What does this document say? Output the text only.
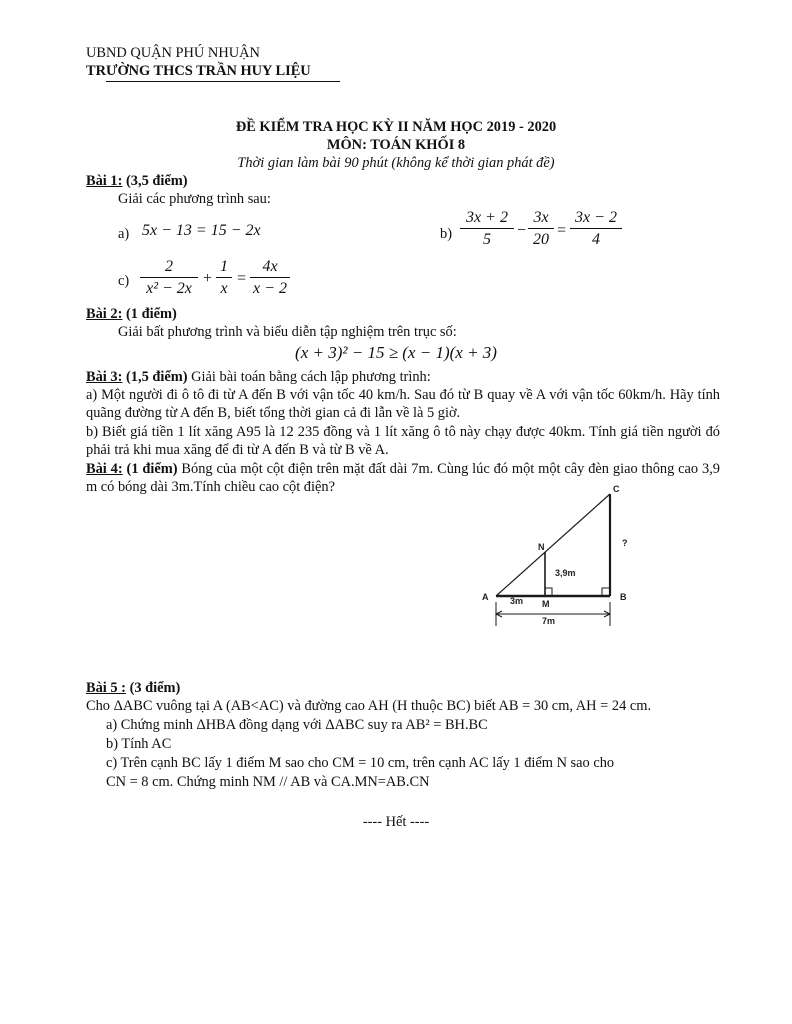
UBND QUẬN PHÚ NHUẬN
TRƯỜNG THCS TRẦN HUY LIỆU
ĐỀ KIỂM TRA HỌC KỲ II NĂM HỌC 2019 - 2020
MÔN: TOÁN KHỐI 8
Thời gian làm bài 90 phút (không kể thời gian phát đề)
Bài 1: (3,5 điểm)
Giải các phương trình sau:
a) 5x − 13 = 15 − 2x	b)
3x + 2
5
−
3x
20
=
3x − 2
4
c)
2
x² − 2x
+
1
x
=
4x
x − 2
Bài 2: (1 điểm)
Giải bất phương trình và biểu diễn tập nghiệm trên trục số:
(x + 3)² − 15 ≥ (x − 1)(x + 3)
Bài 3: (1,5 điểm) Giải bài toán bằng cách lập phương trình:
a) Một người đi ô tô đi từ A đến B với vận tốc 40 km/h. Sau đó từ B quay về A với vận tốc 60km/h. Hãy tính quãng đường từ A đến B, biết tổng thời gian cả đi lẫn về là 5 giờ.
b) Biết giá tiền 1 lít xăng A95 là 12 235 đồng và 1 lít xăng ô tô này chạy được 40km. Tính giá tiền người đó phải trả khi mua xăng để đi từ A đến B và từ B về A.
Bài 4: (1 điểm) Bóng của một cột điện trên mặt đất dài 7m. Cùng lúc đó một một cây đèn giao thông cao 3,9 m có bóng dài 3m.Tính chiều cao cột điện?
A	B
C
N
M
3m
3,9m
7m
?
Bài 5 : (3 điểm)
Cho ΔABC vuông tại A (AB<AC) và đường cao AH (H thuộc BC) biết AB = 30 cm, AH = 24 cm.
a) Chứng minh ΔHBA đồng dạng với ΔABC suy ra AB² = BH.BC
b) Tính AC
c) Trên cạnh BC lấy 1 điểm M sao cho CM = 10 cm, trên cạnh AC lấy 1 điểm N sao cho
CN = 8 cm. Chứng minh NM // AB và CA.MN=AB.CN
---- Hết ----
